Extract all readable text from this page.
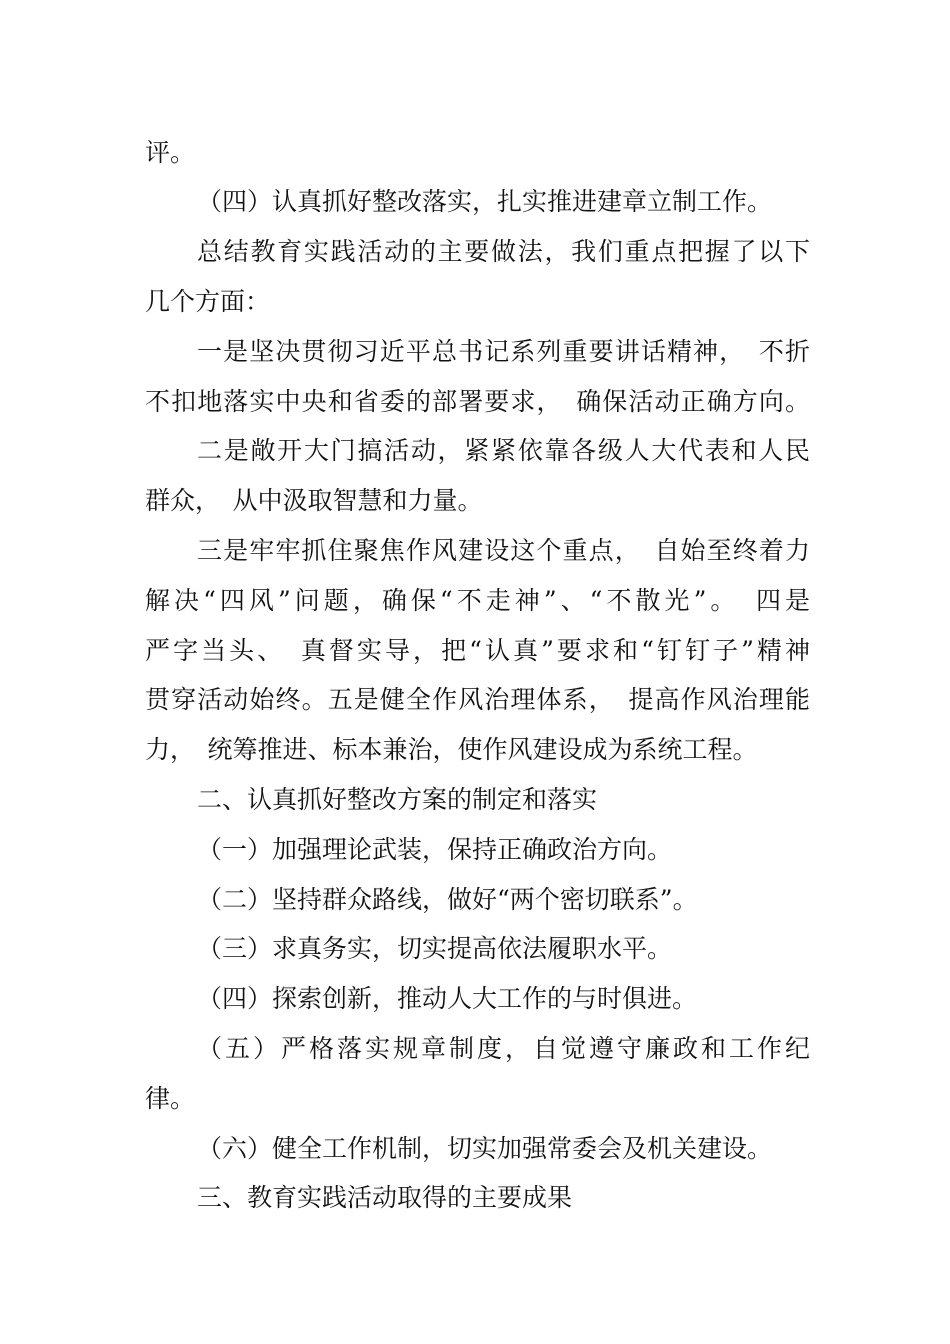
评。
（四）认真抓好整改落实，扎实推进建章立制工作。
总结教育实践活动的主要做法，我们重点把握了以下
几个方面：
一是坚决贯彻习近平总书记系列重要讲话精神，　不折
不扣地落实中央和省委的部署要求，　确保活动正确方向。
二是敞开大门搞活动，紧紧依靠各级人大代表和人民
群众，　从中汲取智慧和力量。
三是牢牢抓住聚焦作风建设这个重点，　自始至终着力
解决“四风”问题，确保“不走神”、“不散光”。　四是
严字当头、　真督实导，把“认真”要求和“钉钉子”精神
贯穿活动始终。五是健全作风治理体系，　提高作风治理能
力，　统筹推进、标本兼治，使作风建设成为系统工程。
二、认真抓好整改方案的制定和落实
（一）加强理论武装，保持正确政治方向。
（二）坚持群众路线，做好“两个密切联系”。
（三）求真务实，切实提高依法履职水平。
（四）探索创新，推动人大工作的与时俱进。
（五）严格落实规章制度，自觉遵守廉政和工作纪
律。
（六）健全工作机制，切实加强常委会及机关建设。
三、教育实践活动取得的主要成果
